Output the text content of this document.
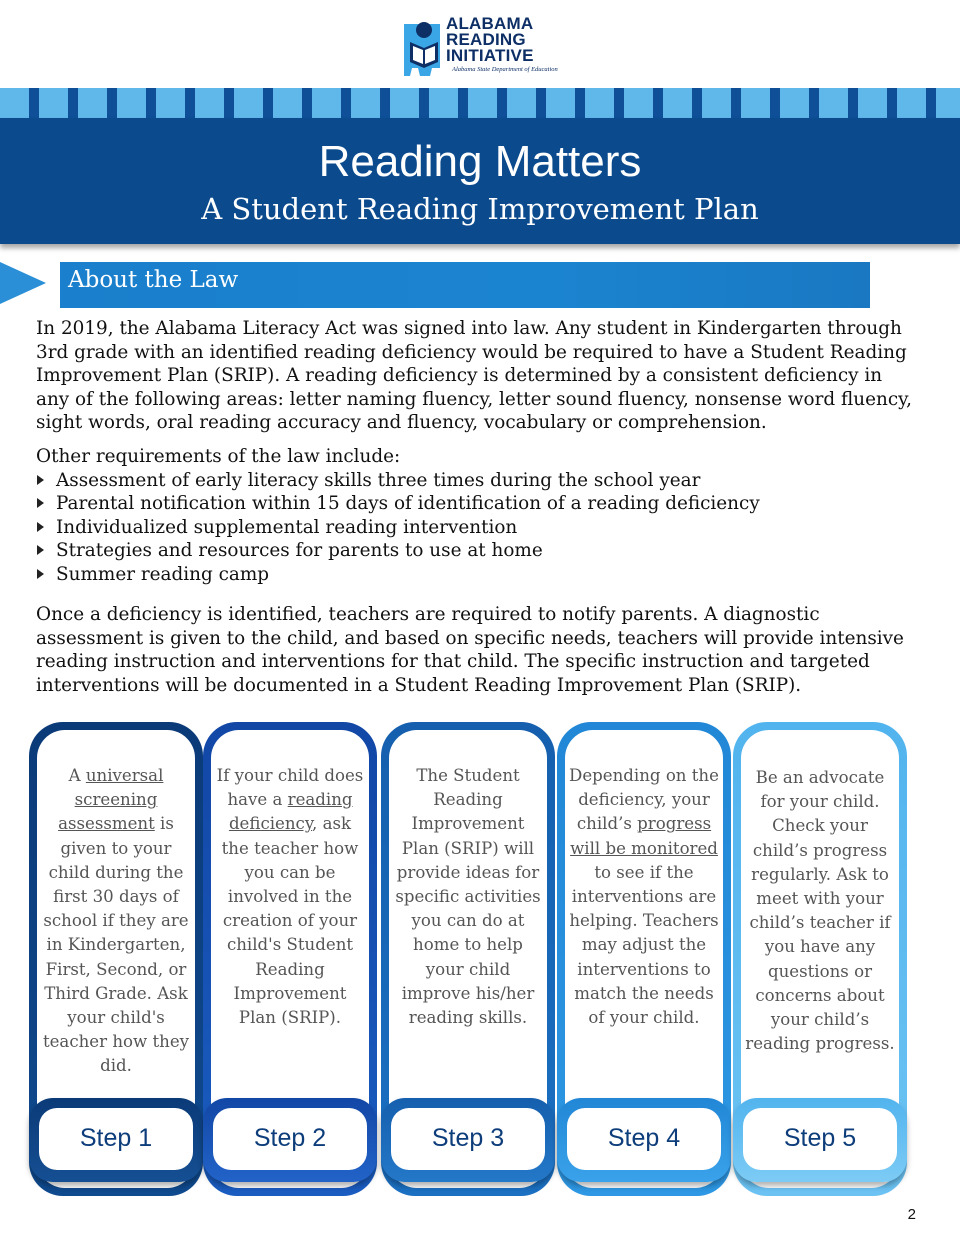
ALABAMA
READING
INITIATIVE
Alabama State Department of Education
Reading Matters
A Student Reading Improvement Plan
About the Law

In 2019, the Alabama Literacy Act was signed into law. Any student in Kindergarten through 3rd grade with an identified reading deficiency would be required to have a Student Reading Improvement Plan (SRIP). A reading deficiency is determined by a consistent deficiency in any of the following areas: letter naming fluency, letter sound fluency, nonsense word fluency, sight words, oral reading accuracy and fluency, vocabulary or comprehension.

Other requirements of the law include:
Assessment of early literacy skills three times during the school year
Parental notification within 15 days of identification of a reading deficiency
Individualized supplemental reading intervention
Strategies and resources for parents to use at home
Summer reading camp

Once a deficiency is identified, teachers are required to notify parents. A diagnostic assessment is given to the child, and based on specific needs, teachers will provide intensive reading instruction and interventions for that child. The specific instruction and targeted interventions will be documented in a Student Reading Improvement Plan (SRIP).

A universal screening assessment is given to your child during the first 30 days of school if they are in Kindergarten, First, Second, or Third Grade. Ask your child's teacher how they did.
Step 1
If your child does have a reading deficiency, ask the teacher how you can be involved in the creation of your child's Student Reading Improvement Plan (SRIP).
Step 2
The Student Reading Improvement Plan (SRIP) will provide ideas for specific activities you can do at home to help your child improve his/her reading skills.
Step 3
Depending on the deficiency, your child’s progress will be monitored to see if the interventions are helping. Teachers may adjust the interventions to match the needs of your child.
Step 4
Be an advocate for your child. Check your child’s progress regularly. Ask to meet with your child’s teacher if you have any questions or concerns about your child’s reading progress.
Step 5
2
